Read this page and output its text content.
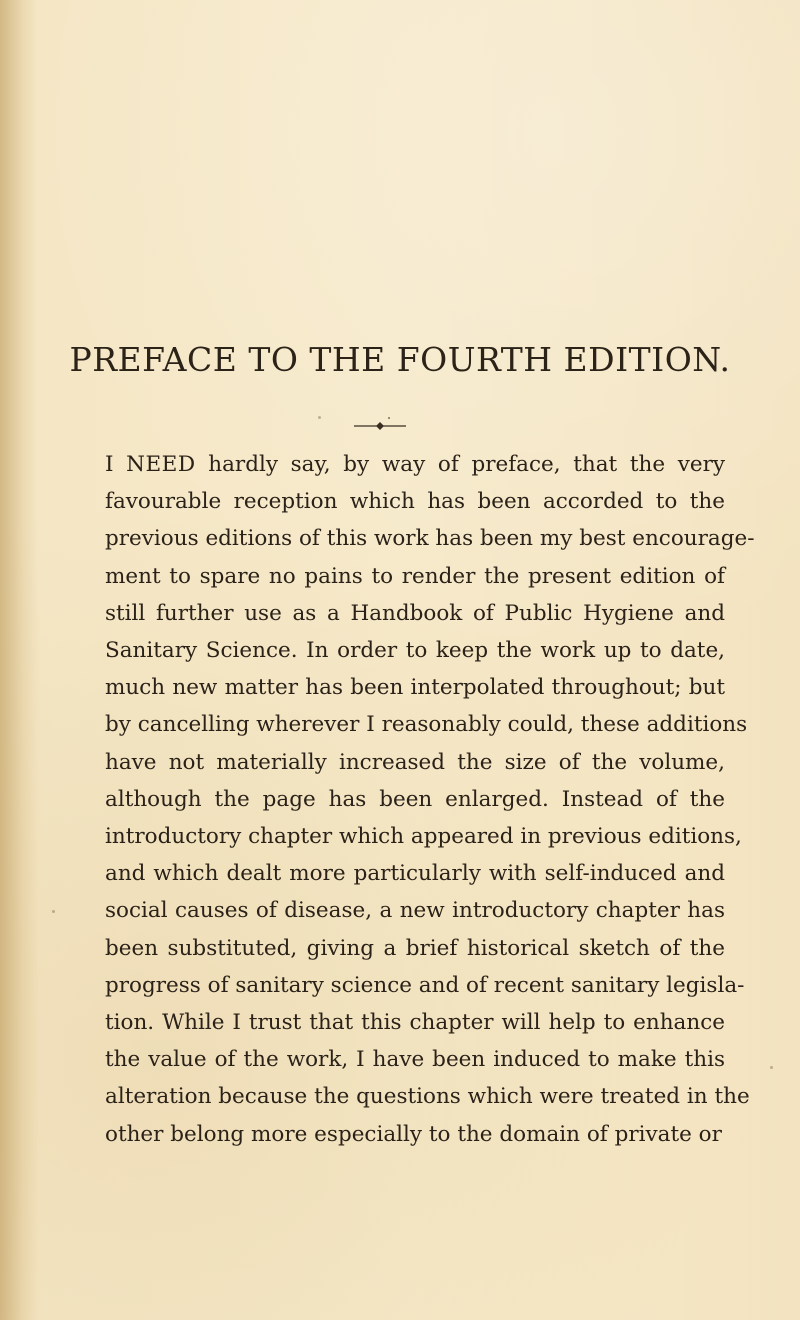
PREFACE TO THE FOURTH EDITION.
I NEED hardly say, by way of preface, that the very
favourable reception which has been accorded to the
previous editions of this work has been my best encourage-
ment to spare no pains to render the present edition of
still further use as a Handbook of Public Hygiene and
Sanitary Science. In order to keep the work up to date,
much new matter has been interpolated throughout; but
by cancelling wherever I reasonably could, these additions
have not materially increased the size of the volume,
although the page has been enlarged. Instead of the
introductory chapter which appeared in previous editions,
and which dealt more particularly with self-induced and
social causes of disease, a new introductory chapter has
been substituted, giving a brief historical sketch of the
progress of sanitary science and of recent sanitary legisla-
tion. While I trust that this chapter will help to enhance
the value of the work, I have been induced to make this
alteration because the questions which were treated in the
other belong more especially to the domain of private or
